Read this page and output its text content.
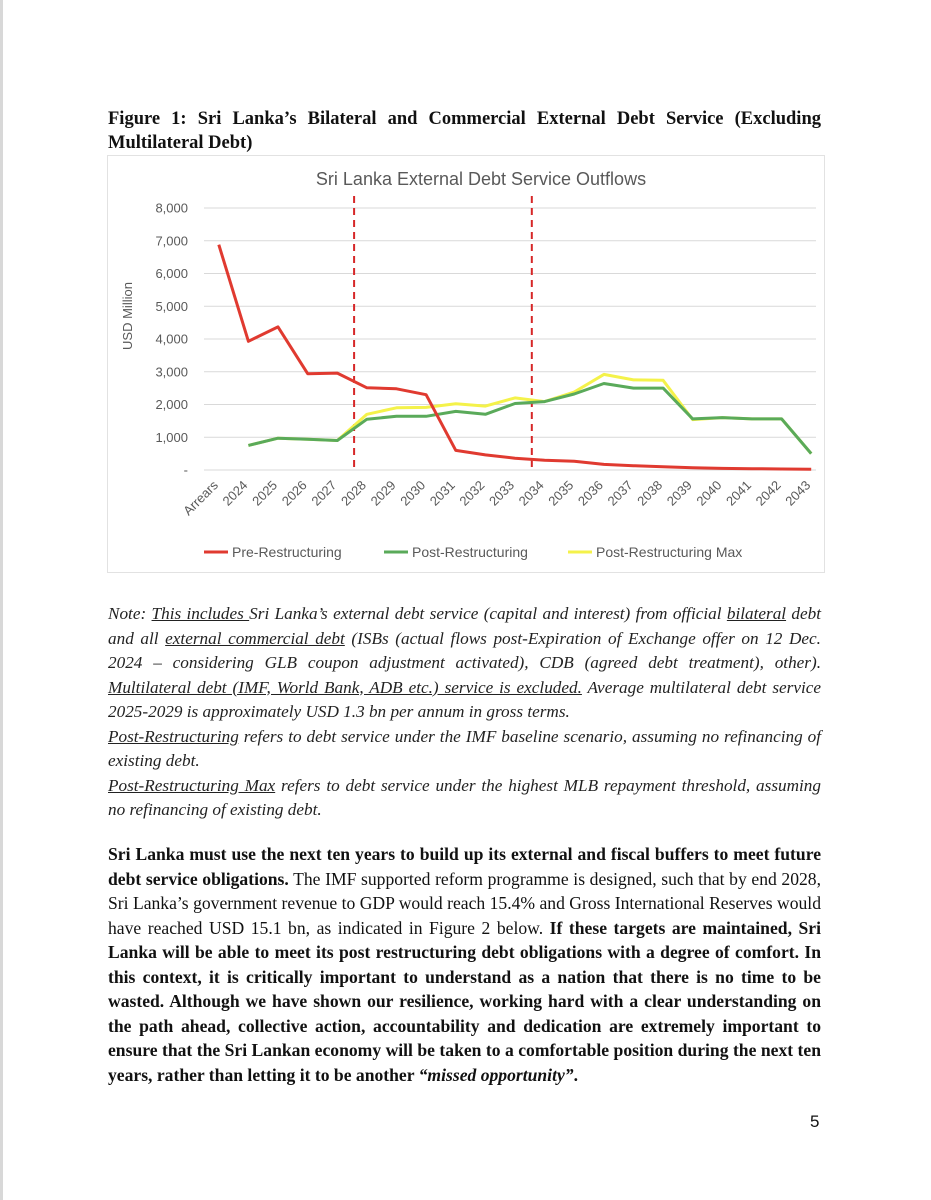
Figure 1: Sri Lanka’s Bilateral and Commercial External Debt Service (Excluding Multilateral Debt)
Sri Lanka External Debt Service Outflows
USD Million
-
1,000
2,000
3,000
4,000
5,000
6,000
7,000
8,000
Arrears
2024
2025
2026
2027
2028
2029
2030
2031
2032
2033
2034
2035
2036
2037
2038
2039
2040
2041
2042
2043
Pre-Restructuring	Post-Restructuring	Post-Restructuring Max

Note: This includes Sri Lanka’s external debt service (capital and interest) from official bilateral debt and all external commercial debt (ISBs (actual flows post-Expiration of Exchange offer on 12 Dec. 2024 – considering GLB coupon adjustment activated), CDB (agreed debt treatment), other). Multilateral debt (IMF, World Bank, ADB etc.) service is excluded. Average multilateral debt service 2025-2029 is approximately USD 1.3 bn per annum in gross terms.

Post-Restructuring refers to debt service under the IMF baseline scenario, assuming no refinancing of existing debt.

Post-Restructuring Max refers to debt service under the highest MLB repayment threshold, assuming no refinancing of existing debt.

Sri Lanka must use the next ten years to build up its external and fiscal buffers to meet future debt service obligations. The IMF supported reform programme is designed, such that by end 2028, Sri Lanka’s government revenue to GDP would reach 15.4% and Gross International Reserves would have reached USD 15.1 bn, as indicated in Figure 2 below. If these targets are maintained, Sri Lanka will be able to meet its post restructuring debt obligations with a degree of comfort. In this context, it is critically important to understand as a nation that there is no time to be wasted. Although we have shown our resilience, working hard with a clear understanding on the path ahead, collective action, accountability and dedication are extremely important to ensure that the Sri Lankan economy will be taken to a comfortable position during the next ten years, rather than letting it to be another “missed opportunity”.
5
